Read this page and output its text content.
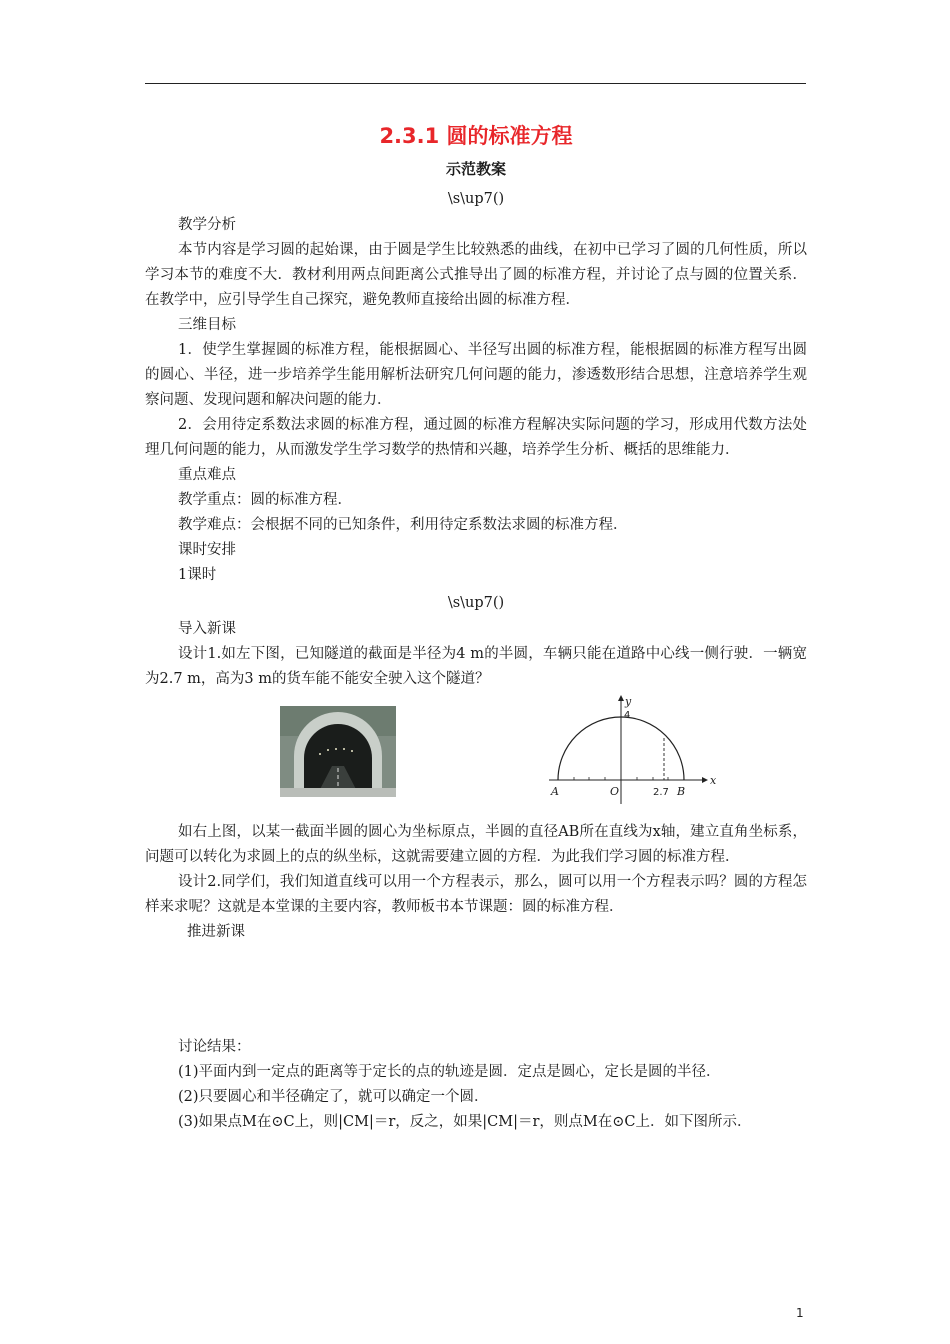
2.3.1 圆的标准方程
示范教案
\s\up7()
教学分析

本节内容是学习圆的起始课，由于圆是学生比较熟悉的曲线，在初中已学习了圆的几何性质，所以学习本节的难度不大．教材利用两点间距离公式推导出了圆的标准方程，并讨论了点与圆的位置关系．在教学中，应引导学生自己探究，避免教师直接给出圆的标准方程．

三维目标

1．使学生掌握圆的标准方程，能根据圆心、半径写出圆的标准方程，能根据圆的标准方程写出圆的圆心、半径，进一步培养学生能用解析法研究几何问题的能力，渗透数形结合思想，注意培养学生观察问题、发现问题和解决问题的能力．

2．会用待定系数法求圆的标准方程，通过圆的标准方程解决实际问题的学习，形成用代数方法处理几何问题的能力，从而激发学生学习数学的热情和兴趣，培养学生分析、概括的思维能力．

重点难点

教学重点：圆的标准方程．

教学难点：会根据不同的已知条件，利用待定系数法求圆的标准方程．

课时安排
1课时
\s\up7()
导入新课

设计1.如左下图，已知隧道的截面是半径为4 m的半圆，车辆只能在道路中心线一侧行驶．一辆宽为2.7 m，高为3 m的货车能不能安全驶入这个隧道？

y
x
4
A	O	2.7 B

如右上图，以某一截面半圆的圆心为坐标原点，半圆的直径AB所在直线为x轴，建立直角坐标系，问题可以转化为求圆上的点的纵坐标，这就需要建立圆的方程．为此我们学习圆的标准方程．

设计2.同学们，我们知道直线可以用一个方程表示，那么，圆可以用一个方程表示吗？圆的方程怎样来求呢？这就是本堂课的主要内容，教师板书本节课题：圆的标准方程．

推进新课
讨论结果：
(1)平面内到一定点的距离等于定长的点的轨迹是圆．定点是圆心，定长是圆的半径．
(2)只要圆心和半径确定了，就可以确定一个圆．
(3)如果点M在⊙C上，则|CM|＝r，反之，如果|CM|＝r，则点M在⊙C上．如下图所示．
1
